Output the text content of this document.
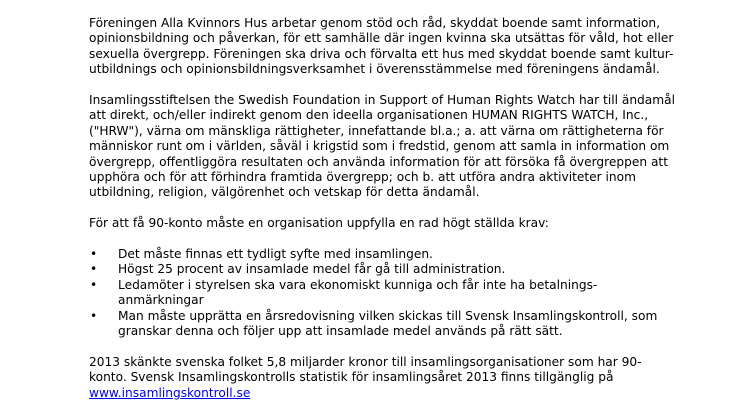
Föreningen Alla Kvinnors Hus arbetar genom stöd och råd, skyddat boende samt information, opinionsbildning och påverkan, för ett samhälle där ingen kvinna ska utsättas för våld, hot eller sexuella övergrepp. Föreningen ska driva och förvalta ett hus med skyddat boende samt kultur- utbildnings och opinionsbildningsverksamhet i överensstämmelse med föreningens ändamål.

Insamlingsstiftelsen the Swedish Foundation in Support of Human Rights Watch har till ändamål att direkt, och/eller indirekt genom den ideella organisationen HUMAN RIGHTS WATCH, Inc.,("HRW"), värna om mänskliga rättigheter, innefattande bl.a.; a. att värna om rättigheterna för människor runt om i världen, såväl i krigstid som i fredstid, genom att samla in information om övergrepp, offentliggöra resultaten och använda information för att försöka få övergreppen att upphöra och för att förhindra framtida övergrepp; och b. att utföra andra aktiviteter inom utbildning, religion, välgörenhet och vetskap för detta ändamål.

För att få 90-konto måste en organisation uppfylla en rad högt ställda krav:

• Det måste finnas ett tydligt syfte med insamlingen.
• Högst 25 procent av insamlade medel får gå till administration.
• Ledamöter i styrelsen ska vara ekonomiskt kunniga och får inte ha betalnings-anmärkningar
• Man måste upprätta en årsredovisning vilken skickas till Svensk Insamlingskontroll, som granskar denna och följer upp att insamlade medel används på rätt sätt.

2013 skänkte svenska folket 5,8 miljarder kronor till insamlingsorganisationer som har 90-konto. Svensk Insamlingskontrolls statistik för insamlingsåret 2013 finns tillgänglig på www.insamlingskontroll.se
